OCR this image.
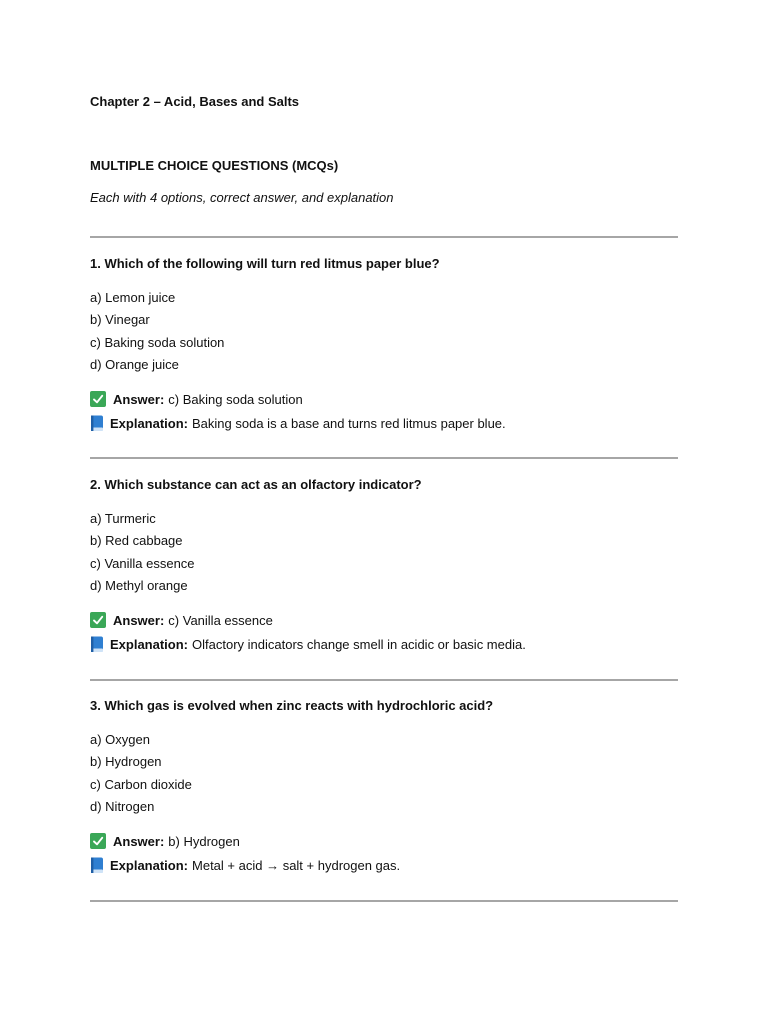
Chapter 2 – Acid, Bases and Salts
MULTIPLE CHOICE QUESTIONS (MCQs)
Each with 4 options, correct answer, and explanation
1. Which of the following will turn red litmus paper blue?
a) Lemon juice
b) Vinegar
c) Baking soda solution
d) Orange juice
Answer: c) Baking soda solution
Explanation: Baking soda is a base and turns red litmus paper blue.
2. Which substance can act as an olfactory indicator?
a) Turmeric
b) Red cabbage
c) Vanilla essence
d) Methyl orange
Answer: c) Vanilla essence
Explanation: Olfactory indicators change smell in acidic or basic media.
3. Which gas is evolved when zinc reacts with hydrochloric acid?
a) Oxygen
b) Hydrogen
c) Carbon dioxide
d) Nitrogen
Answer: b) Hydrogen
Explanation: Metal + acid → salt + hydrogen gas.
